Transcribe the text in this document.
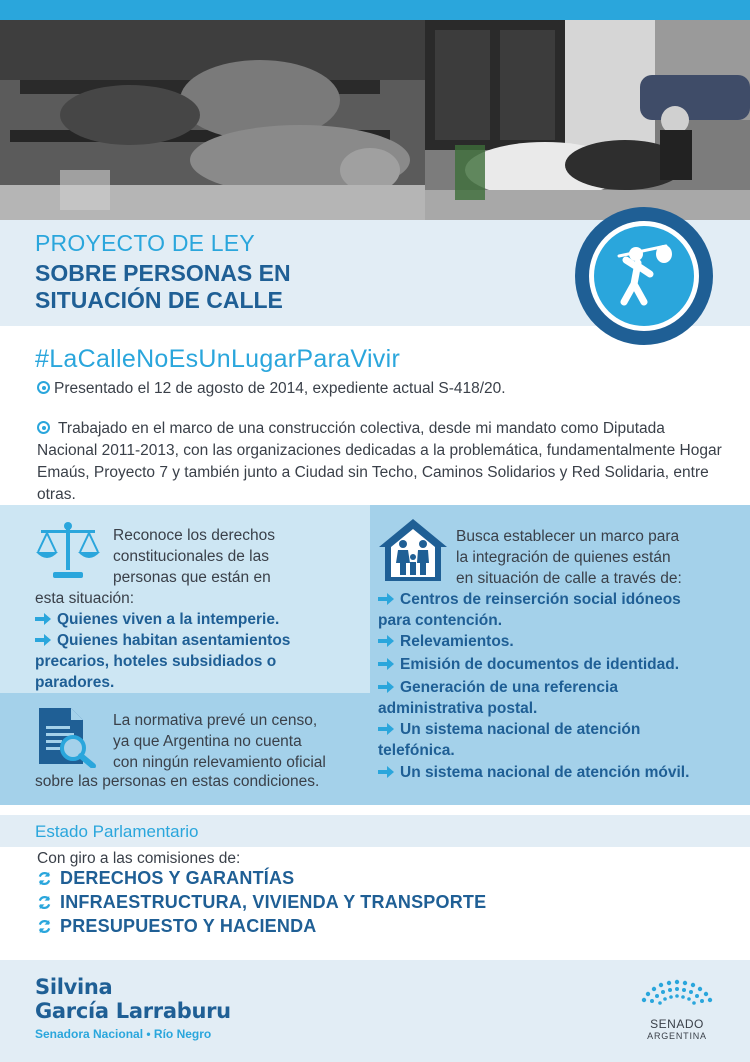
PROYECTO DE LEY
SOBRE PERSONAS EN
SITUACIÓN DE CALLE
#LaCalleNoEsUnLugarParaVivir
Presentado el 12 de agosto de 2014, expediente actual S-418/20.
Trabajado en el marco de una construcción colectiva, desde mi mandato como Diputada Nacional 2011-2013, con las organizaciones dedicadas a la problemática, fundamentalmente Hogar Emaús, Proyecto 7 y también junto a Ciudad sin Techo, Caminos Solidarios y Red Solidaria, entre otras.
Reconoce los derechos
constitucionales de las
personas que están en
esta situación:
Quienes viven a la intemperie.
Quienes habitan asentamientos
precarios, hoteles subsidiados o
paradores.
La normativa prevé un censo,
ya que Argentina no cuenta
con ningún relevamiento oficial
sobre las personas en estas condiciones.
Busca establecer un marco para
la integración de quienes están
en situación de calle a través de:
Centros de reinserción social idóneos
para contención.
Relevamientos.
Emisión de documentos de identidad.
Generación de una referencia
administrativa postal.
Un sistema nacional de atención
telefónica.
Un sistema nacional de atención móvil.
Estado Parlamentario
Con giro a las comisiones de:
DERECHOS Y GARANTÍAS
INFRAESTRUCTURA, VIVIENDA Y TRANSPORTE
PRESUPUESTO Y HACIENDA
Silvina
García Larraburu
Senadora Nacional • Río Negro
SENADO
ARGENTINA
